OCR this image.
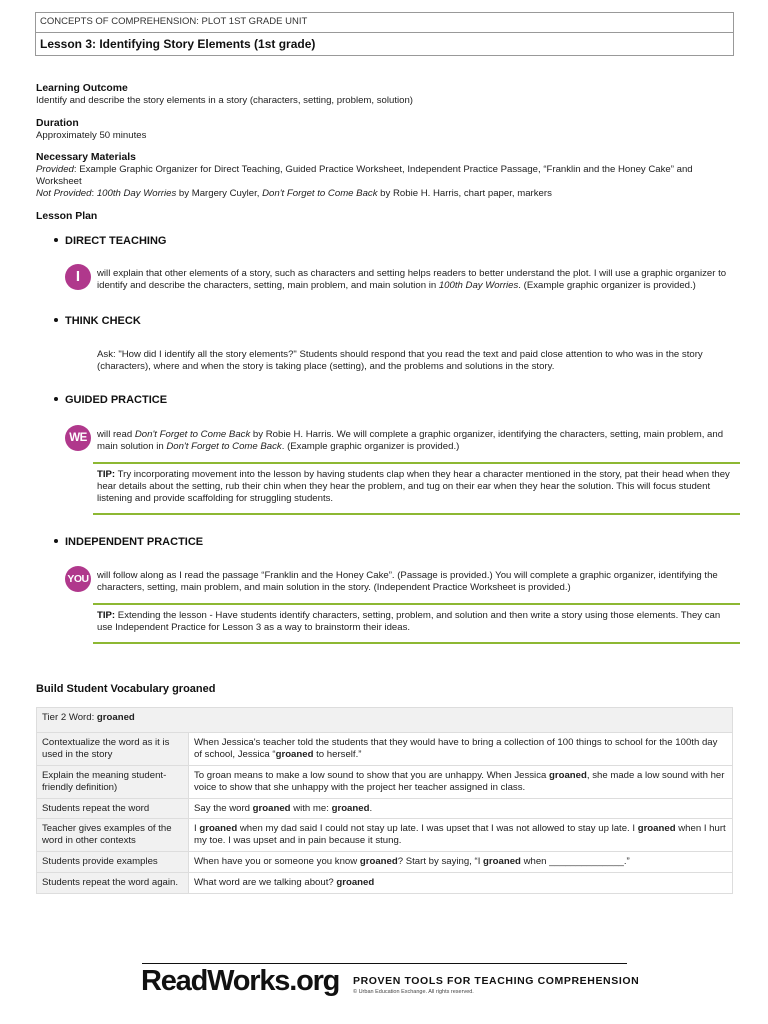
CONCEPTS OF COMPREHENSION: PLOT 1ST GRADE UNIT
Lesson 3: Identifying Story Elements (1st grade)
Learning Outcome
Identify and describe the story elements in a story (characters, setting, problem, solution)
Duration
Approximately 50 minutes
Necessary Materials
Provided: Example Graphic Organizer for Direct Teaching, Guided Practice Worksheet, Independent Practice Passage, “Franklin and the Honey Cake” and Worksheet
Not Provided: 100th Day Worries by Margery Cuyler, Don't Forget to Come Back by Robie H. Harris, chart paper, markers
Lesson Plan
DIRECT TEACHING
I	will explain that other elements of a story, such as characters and setting helps readers to better understand the plot. I will use a graphic organizer to identify and describe the characters, setting, main problem, and main solution in 100th Day Worries. (Example graphic organizer is provided.)
THINK CHECK
Ask: "How did I identify all the story elements?" Students should respond that you read the text and paid close attention to who was in the story (characters), where and when the story is taking place (setting), and the problems and solutions in the story.
GUIDED PRACTICE
WE	will read Don't Forget to Come Back by Robie H. Harris. We will complete a graphic organizer, identifying the characters, setting, main problem, and main solution in Don't Forget to Come Back. (Example graphic organizer is provided.)
TIP: Try incorporating movement into the lesson by having students clap when they hear a character mentioned in the story, pat their head when they hear details about the setting, rub their chin when they hear the problem, and tug on their ear when they hear the solution. This will focus student listening and provide scaffolding for struggling students.
INDEPENDENT PRACTICE
YOU will follow along as I read the passage “Franklin and the Honey Cake”. (Passage is provided.) You will complete a graphic organizer, identifying the characters, setting, main problem, and main solution in the story. (Independent Practice Worksheet is provided.)
TIP: Extending the lesson - Have students identify characters, setting, problem, and solution and then write a story using those elements. They can use Independent Practice for Lesson 3 as a way to brainstorm their ideas.
Build Student Vocabulary groaned
Tier 2 Word: groaned	
Contextualize the word as it is used in the story	When Jessica's teacher told the students that they would have to bring a collection of 100 things to school for the 100th day of school, Jessica “groaned to herself.”
Explain the meaning student-friendly definition)	To groan means to make a low sound to show that you are unhappy. When Jessica groaned, she made a low sound with her voice to show that she unhappy with the project her teacher assigned in class.
Students repeat the word	Say the word groaned with me: groaned.
Teacher gives examples of the word in other contexts	I groaned when my dad said I could not stay up late. I was upset that I was not allowed to stay up late. I groaned when I hurt my toe. I was upset and in pain because it stung.
Students provide examples	When have you or someone you know groaned? Start by saying, “I groaned when ______________.”
Students repeat the word again.	What word are we talking about? groaned
ReadWorks.org PROVEN TOOLS FOR TEACHING COMPREHENSION
© Urban Education Exchange. All rights reserved.
